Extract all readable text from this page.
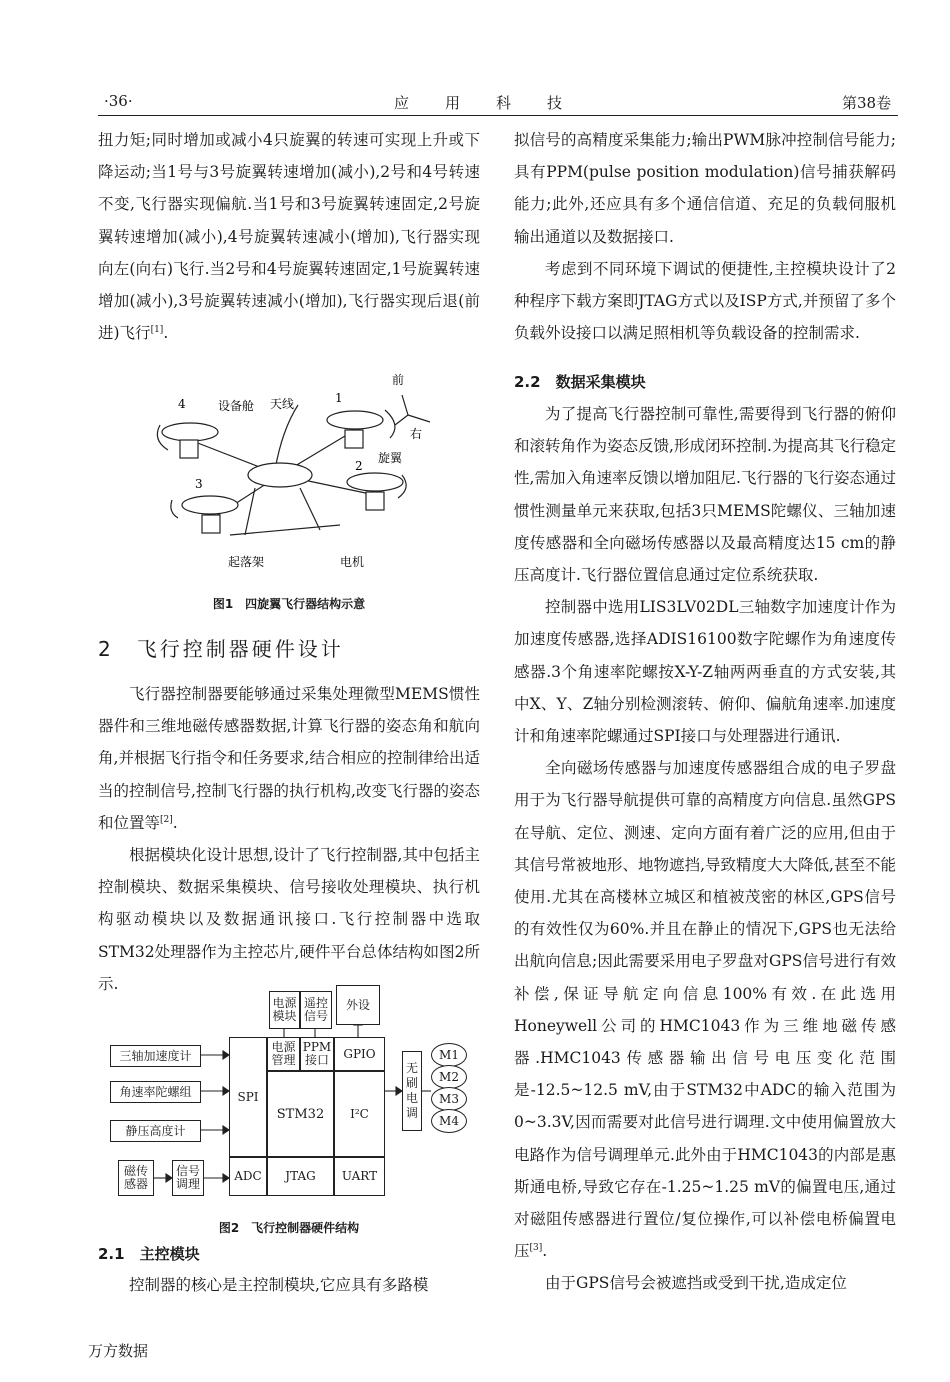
·36·	应　　用　　科　　技	第38卷

扭力矩;同时增加或减小4只旋翼的转速可实现上升或下降运动;当1号与3号旋翼转速增加(减小),2号和4号转速不变,飞行器实现偏航.当1号和3号旋翼转速固定,2号旋翼转速增加(减小),4号旋翼转速减小(增加),飞行器实现向左(向右)飞行.当2号和4号旋翼转速固定,1号旋翼转速增加(减小),3号旋翼转速减小(增加),飞行器实现后退(前进)飞行[1].

4	1
3
2
设备舱 天线
旋翼
起落架	电机
前
右
图1　四旋翼飞行器结构示意
2　飞行控制器硬件设计

飞行器控制器要能够通过采集处理微型MEMS惯性器件和三维地磁传感器数据,计算飞行器的姿态角和航向角,并根据飞行指令和任务要求,结合相应的控制律给出适当的控制信号,控制飞行器的执行机构,改变飞行器的姿态和位置等[2].

根据模块化设计思想,设计了飞行控制器,其中包括主控制模块、数据采集模块、信号接收处理模块、执行机构驱动模块以及数据通讯接口.飞行控制器中选取STM32处理器作为主控芯片,硬件平台总体结构如图2所示.

三轴加速度计
角速率陀螺组
静压高度计
磁传感器
信号调理
电源模块
遥控信号
外设
SPI
电源管理
PPM接口	GPIO
STM32	I²C
ADC	JTAG	UART
无刷电调
M1
M2
M3
M4
图2　飞行控制器硬件结构
2.1　主控模块

控制器的核心是主控制模块,它应具有多路模

拟信号的高精度采集能力;输出PWM脉冲控制信号能力;具有PPM(pulse position modulation)信号捕获解码能力;此外,还应具有多个通信信道、充足的负载伺服机输出通道以及数据接口.

考虑到不同环境下调试的便捷性,主控模块设计了2种程序下载方案即JTAG方式以及ISP方式,并预留了多个负载外设接口以满足照相机等负载设备的控制需求.

2.2　数据采集模块

为了提高飞行器控制可靠性,需要得到飞行器的俯仰和滚转角作为姿态反馈,形成闭环控制.为提高其飞行稳定性,需加入角速率反馈以增加阻尼.飞行器的飞行姿态通过惯性测量单元来获取,包括3只MEMS陀螺仪、三轴加速度传感器和全向磁场传感器以及最高精度达15 cm的静压高度计.飞行器位置信息通过定位系统获取.

控制器中选用LIS3LV02DL三轴数字加速度计作为加速度传感器,选择ADIS16100数字陀螺作为角速度传感器.3个角速率陀螺按X-Y-Z轴两两垂直的方式安装,其中X、Y、Z轴分别检测滚转、俯仰、偏航角速率.加速度计和角速率陀螺通过SPI接口与处理器进行通讯.

全向磁场传感器与加速度传感器组合成的电子罗盘用于为飞行器导航提供可靠的高精度方向信息.虽然GPS在导航、定位、测速、定向方面有着广泛的应用,但由于其信号常被地形、地物遮挡,导致精度大大降低,甚至不能使用.尤其在高楼林立城区和植被茂密的林区,GPS信号的有效性仅为60%.并且在静止的情况下,GPS也无法给出航向信息;因此需要采用电子罗盘对GPS信号进行有效补偿,保证导航定向信息100%有效.在此选用Honeywell公司的HMC1043作为三维地磁传感器.HMC1043传感器输出信号电压变化范围是-12.5~12.5 mV,由于STM32中ADC的输入范围为0~3.3V,因而需要对此信号进行调理.文中使用偏置放大电路作为信号调理单元.此外由于HMC1043的内部是惠斯通电桥,导致它存在-1.25~1.25 mV的偏置电压,通过对磁阻传感器进行置位/复位操作,可以补偿电桥偏置电压[3].

由于GPS信号会被遮挡或受到干扰,造成定位

万方数据
